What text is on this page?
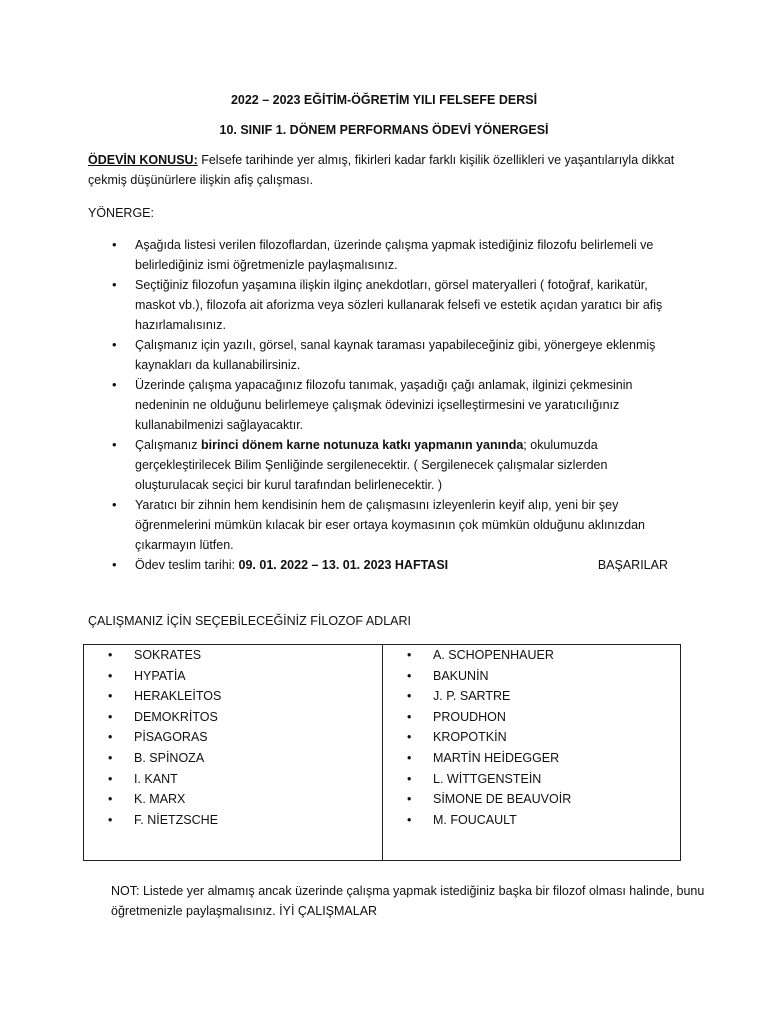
2022 – 2023 EĞİTİM-ÖĞRETİM YILI FELSEFE DERSİ
10. SINIF 1. DÖNEM PERFORMANS ÖDEVİ YÖNERGESİ
ÖDEVİN KONUSU: Felsefe tarihinde yer almış, fikirleri kadar farklı kişilik özellikleri ve yaşantılarıyla dikkat çekmiş düşünürlere ilişkin afiş çalışması.
YÖNERGE:
• Aşağıda listesi verilen filozoflardan, üzerinde çalışma yapmak istediğiniz filozofu belirlemeli ve belirlediğiniz ismi öğretmenizle paylaşmalısınız.
• Seçtiğiniz filozofun yaşamına ilişkin ilginç anekdotları, görsel materyalleri ( fotoğraf, karikatür, maskot vb.), filozofa ait aforizma veya sözleri kullanarak felsefi ve estetik açıdan yaratıcı bir afiş hazırlamalısınız.
• Çalışmanız için yazılı, görsel, sanal kaynak taraması yapabileceğiniz gibi, yönergeye eklenmiş kaynakları da kullanabilirsiniz.
• Üzerinde çalışma yapacağınız filozofu tanımak, yaşadığı çağı anlamak, ilginizi çekmesinin nedeninin ne olduğunu belirlemeye çalışmak ödevinizi içselleştirmesini ve yaratıcılığınız kullanabilmenizi sağlayacaktır.
• Çalışmanız birinci dönem karne notunuza katkı yapmanın yanında; okulumuzda gerçekleştirilecek Bilim Şenliğinde sergilenecektir. ( Sergilenecek çalışmalar sizlerden oluşturulacak seçici bir kurul tarafından belirlenecektir. )
• Yaratıcı bir zihnin hem kendisinin hem de çalışmasını izleyenlerin keyif alıp, yeni bir şey öğrenmelerini mümkün kılacak bir eser ortaya koymasının çok mümkün olduğunu aklınızdan çıkarmayın lütfen.
• Ödev teslim tarihi: 09. 01. 2022 – 13. 01. 2023 HAFTASI	BAŞARILAR
ÇALIŞMANIZ İÇİN SEÇEBİLECEĞİNİZ FİLOZOF ADLARI
• SOKRATES
• HYPATİA
• HERAKLEİTOS
• DEMOKRİTOS
• PİSAGORAS
• B. SPİNOZA
• I. KANT
• K. MARX
• F. NİETZSCHE
• A. SCHOPENHAUER
• BAKUNİN
• J. P. SARTRE
• PROUDHON
• KROPOTKİN
• MARTİN HEİDEGGER
• L. WİTTGENSTEİN
• SİMONE DE BEAUVOİR
• M. FOUCAULT
NOT: Listede yer almamış ancak üzerinde çalışma yapmak istediğiniz başka bir filozof olması halinde, bunu öğretmenizle paylaşmalısınız. İYİ ÇALIŞMALAR
